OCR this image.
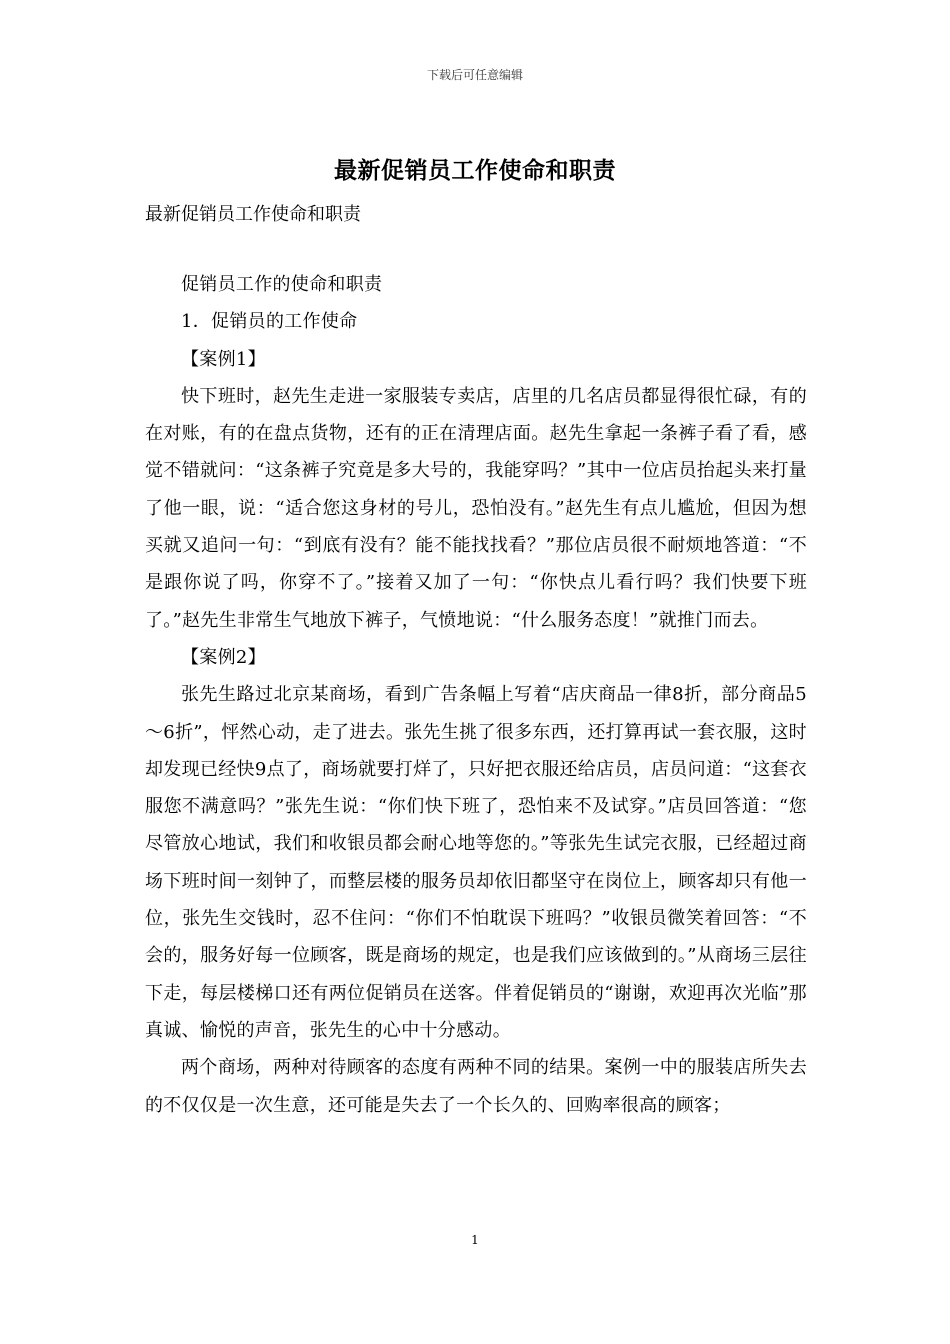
下载后可任意编辑
最新促销员工作使命和职责
最新促销员工作使命和职责

促销员工作的使命和职责

1．促销员的工作使命

【案例1】

快下班时，赵先生走进一家服装专卖店，店里的几名店员都显得很忙碌，有的在对账，有的在盘点货物，还有的正在清理店面。赵先生拿起一条裤子看了看，感觉不错就问：“这条裤子究竟是多大号的，我能穿吗？”其中一位店员抬起头来打量了他一眼，说：“适合您这身材的号儿，恐怕没有。”赵先生有点儿尴尬，但因为想买就又追问一句：“到底有没有？能不能找找看？”那位店员很不耐烦地答道：“不是跟你说了吗，你穿不了。”接着又加了一句：“你快点儿看行吗？我们快要下班了。”赵先生非常生气地放下裤子，气愤地说：“什么服务态度！”就推门而去。

【案例2】

张先生路过北京某商场，看到广告条幅上写着“店庆商品一律8折，部分商品5～6折”，怦然心动，走了进去。张先生挑了很多东西，还打算再试一套衣服，这时却发现已经快9点了，商场就要打烊了，只好把衣服还给店员，店员问道：“这套衣服您不满意吗？”张先生说：“你们快下班了，恐怕来不及试穿。”店员回答道：“您尽管放心地试，我们和收银员都会耐心地等您的。”等张先生试完衣服，已经超过商场下班时间一刻钟了，而整层楼的服务员却依旧都坚守在岗位上，顾客却只有他一位，张先生交钱时，忍不住问：“你们不怕耽误下班吗？”收银员微笑着回答：“不会的，服务好每一位顾客，既是商场的规定，也是我们应该做到的。”从商场三层往下走，每层楼梯口还有两位促销员在送客。伴着促销员的“谢谢，欢迎再次光临”那真诚、愉悦的声音，张先生的心中十分感动。

两个商场，两种对待顾客的态度有两种不同的结果。案例一中的服装店所失去的不仅仅是一次生意，还可能是失去了一个长久的、回购率很高的顾客；

1
